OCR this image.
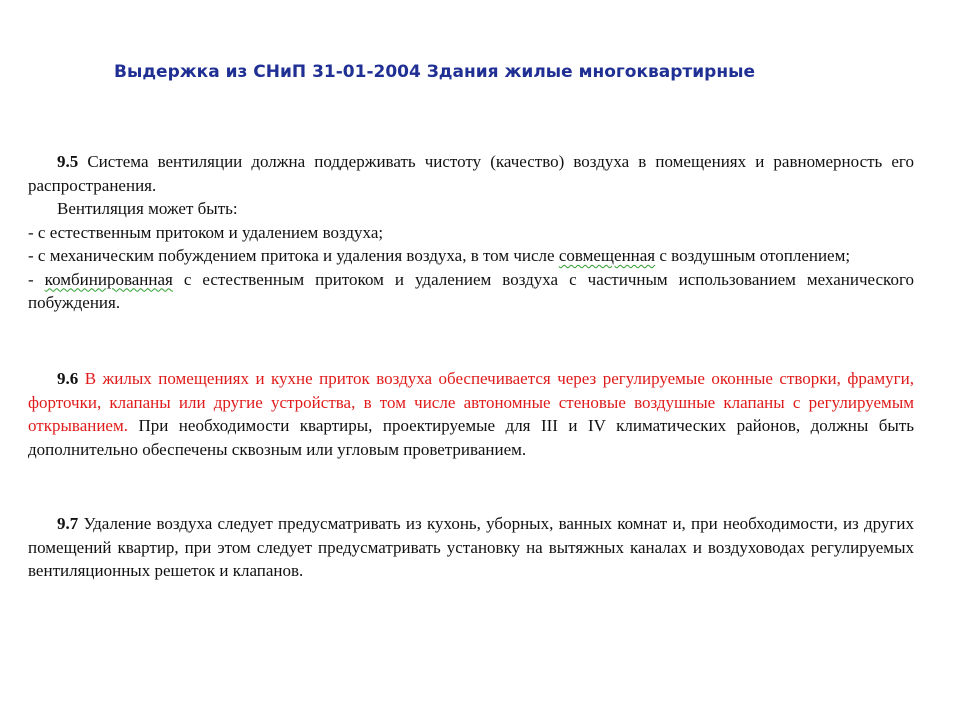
Выдержка из СНиП 31-01-2004 Здания жилые многоквартирные

9.5 Система вентиляции должна поддерживать чистоту (качество) воздуха в помещениях и равномерность его распространения.

Вентиляция может быть:

- с естественным притоком и удалением воздуха;

- с механическим побуждением притока и удаления воздуха, в том числе совмещенная с воздушным отоплением;

- комбинированная с естественным притоком и удалением воздуха с частичным использованием механического побуждения.

9.6 В жилых помещениях и кухне приток воздуха обеспечивается через регулируемые оконные створки, фрамуги, форточки, клапаны или другие устройства, в том числе автономные стеновые воздушные клапаны с регулируемым открыванием. При необходимости квартиры, проектируемые для III и IV климатических районов, должны быть дополнительно обеспечены сквозным или угловым проветриванием.

9.7 Удаление воздуха следует предусматривать из кухонь, уборных, ванных комнат и, при необходимости, из других помещений квартир, при этом следует предусматривать установку на вытяжных каналах и воздуховодах регулируемых вентиляционных решеток и клапанов.
